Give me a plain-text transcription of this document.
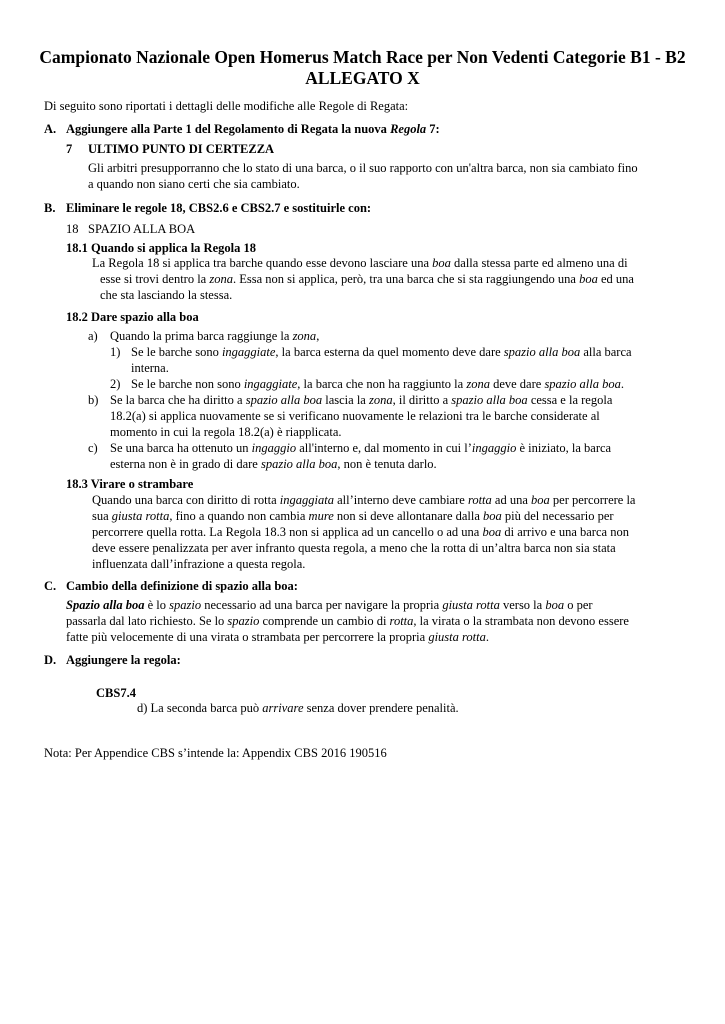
Campionato Nazionale Open Homerus Match Race per Non Vedenti Categorie B1 - B2
ALLEGATO X
Di seguito sono riportati i dettagli delle modifiche alle Regole di Regata:
A. Aggiungere alla Parte 1 del Regolamento di Regata la nuova Regola 7:
7 ULTIMO PUNTO DI CERTEZZA
Gli arbitri presupporranno che lo stato di una barca, o il suo rapporto con un'altra barca, non sia cambiato fino
a quando non siano certi che sia cambiato.
B. Eliminare le regole 18, CBS2.6 e CBS2.7 e sostituirle con:
18 SPAZIO ALLA BOA
18.1 Quando si applica la Regola 18
La Regola 18 si applica tra barche quando esse devono lasciare una boa dalla stessa parte ed almeno una di
esse si trovi dentro la zona. Essa non si applica, però, tra una barca che si sta raggiungendo una boa ed una
che sta lasciando la stessa.
18.2 Dare spazio alla boa
a) Quando la prima barca raggiunge la zona,
1) Se le barche sono ingaggiate, la barca esterna da quel momento deve dare spazio alla boa alla barca
interna.
2) Se le barche non sono ingaggiate, la barca che non ha raggiunto la zona deve dare spazio alla boa.
b) Se la barca che ha diritto a spazio alla boa lascia la zona, il diritto a spazio alla boa cessa e la regola
18.2(a) si applica nuovamente se si verificano nuovamente le relazioni tra le barche considerate al
momento in cui la regola 18.2(a) è riapplicata.
c) Se una barca ha ottenuto un ingaggio all'interno e, dal momento in cui l’ingaggio è iniziato, la barca
esterna non è in grado di dare spazio alla boa, non è tenuta darlo.
18.3 Virare o strambare
Quando una barca con diritto di rotta ingaggiata all’interno deve cambiare rotta ad una boa per percorrere la
sua giusta rotta, fino a quando non cambia mure non si deve allontanare dalla boa più del necessario per
percorrere quella rotta. La Regola 18.3 non si applica ad un cancello o ad una boa di arrivo e una barca non
deve essere penalizzata per aver infranto questa regola, a meno che la rotta di un’altra barca non sia stata
influenzata dall’infrazione a questa regola.
C. Cambio della definizione di spazio alla boa:
Spazio alla boa è lo spazio necessario ad una barca per navigare la propria giusta rotta verso la boa o per
passarla dal lato richiesto. Se lo spazio comprende un cambio di rotta, la virata o la strambata non devono essere
fatte più velocemente di una virata o strambata per percorrere la propria giusta rotta.
D. Aggiungere la regola:
CBS7.4
d) La seconda barca può arrivare senza dover prendere penalità.
Nota: Per Appendice CBS s’intende la: Appendix CBS 2016 190516
